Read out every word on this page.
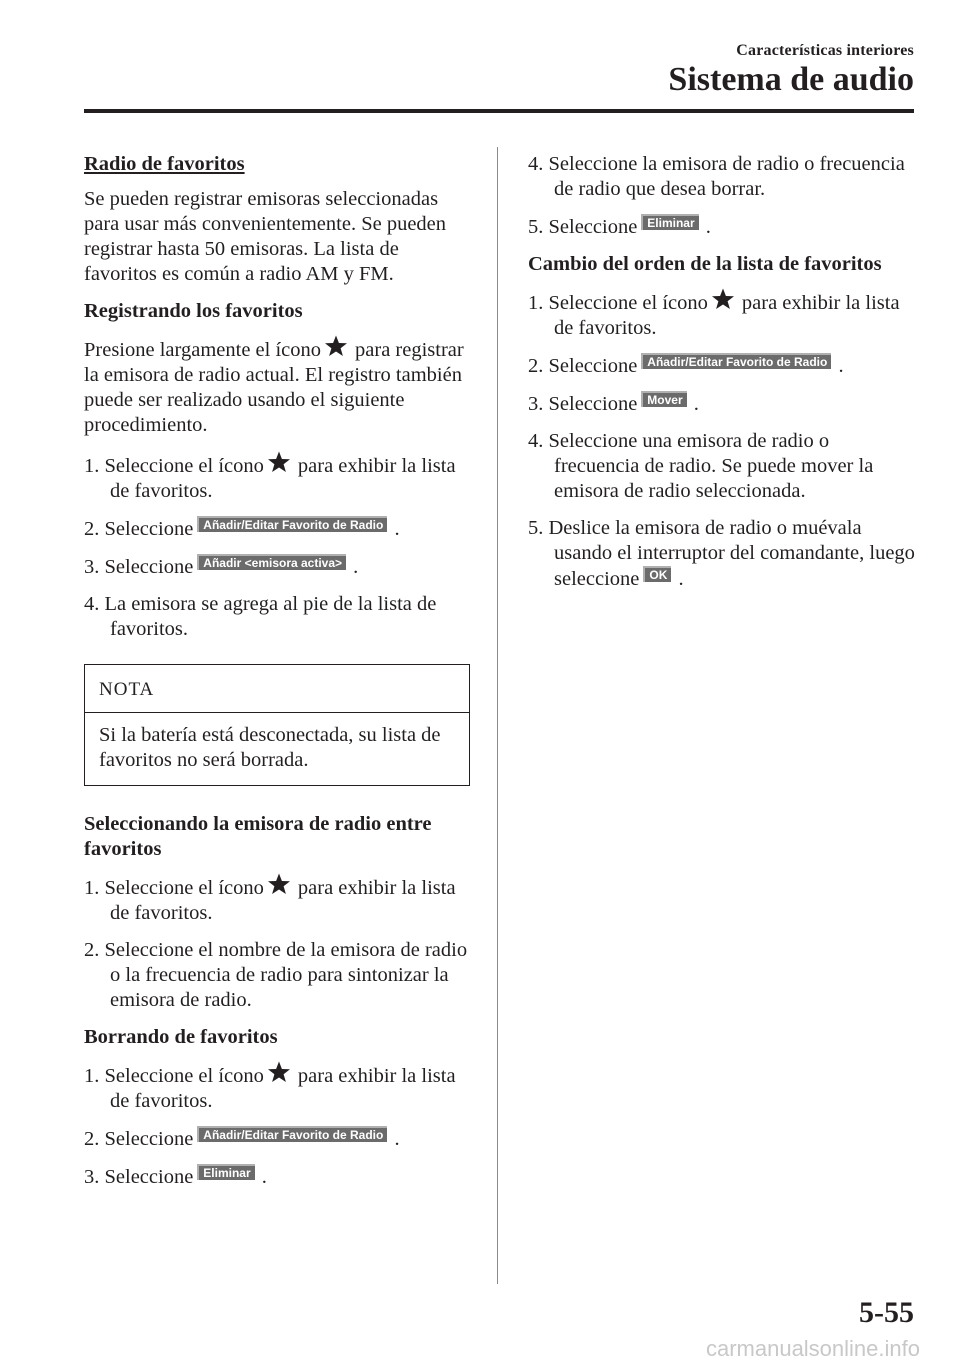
Características interiores
Sistema de audio

Radio de favoritos

Se pueden registrar emisoras seleccionadas para usar más convenientemente. Se pueden registrar hasta 50 emisoras. La lista de favoritos es común a radio AM y FM.

Registrando los favoritos

Presione largamente el ícono para registrar la emisora de radio actual. El registro también puede ser realizado usando el siguiente procedimiento.

1. Seleccione el ícono para exhibir la lista de favoritos.

2. Seleccione Añadir/Editar Favorito de Radio .

3. Seleccione Añadir <emisora activa> .

4. La emisora se agrega al pie de la lista de favoritos.

NOTA
Si la batería está desconectada, su lista de favoritos no será borrada.

Seleccionando la emisora de radio entre favoritos

1. Seleccione el ícono para exhibir la lista de favoritos.

2. Seleccione el nombre de la emisora de radio o la frecuencia de radio para sintonizar la emisora de radio.

Borrando de favoritos

1. Seleccione el ícono para exhibir la lista de favoritos.

2. Seleccione Añadir/Editar Favorito de Radio .

3. Seleccione Eliminar .

4. Seleccione la emisora de radio o frecuencia de radio que desea borrar.

5. Seleccione Eliminar .

Cambio del orden de la lista de favoritos

1. Seleccione el ícono para exhibir la lista de favoritos.

2. Seleccione Añadir/Editar Favorito de Radio .

3. Seleccione Mover .

4. Seleccione una emisora de radio o frecuencia de radio. Se puede mover la emisora de radio seleccionada.

5. Deslice la emisora de radio o muévala usando el interruptor del comandante, luego seleccione OK .

5-55
carmanualsonline.info
